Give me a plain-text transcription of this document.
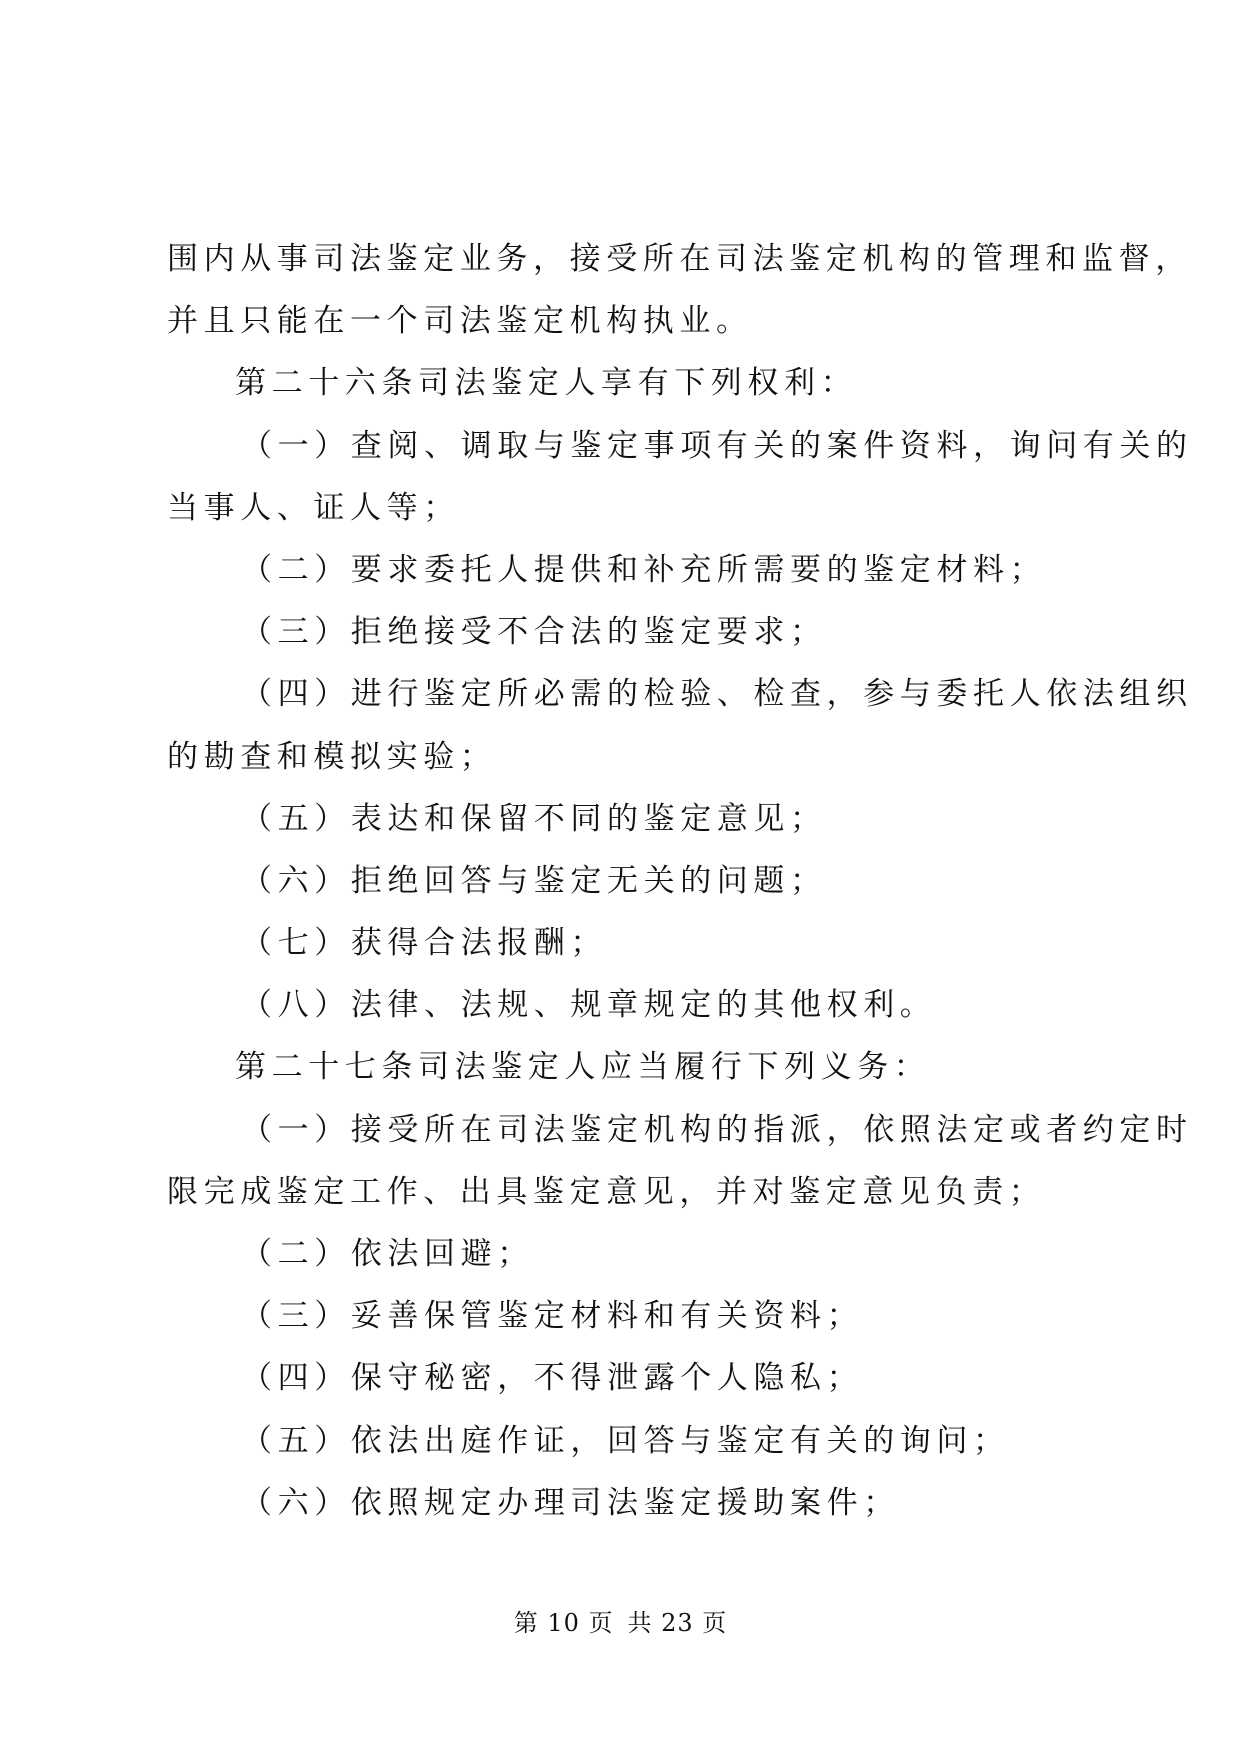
围内从事司法鉴定业务，接受所在司法鉴定机构的管理和监督，
并且只能在一个司法鉴定机构执业。
第二十六条司法鉴定人享有下列权利：
（一）查阅、调取与鉴定事项有关的案件资料，询问有关的
当事人、证人等；
（二）要求委托人提供和补充所需要的鉴定材料；
（三）拒绝接受不合法的鉴定要求；
（四）进行鉴定所必需的检验、检查，参与委托人依法组织
的勘查和模拟实验；
（五）表达和保留不同的鉴定意见；
（六）拒绝回答与鉴定无关的问题；
（七）获得合法报酬；
（八）法律、法规、规章规定的其他权利。
第二十七条司法鉴定人应当履行下列义务：
（一）接受所在司法鉴定机构的指派，依照法定或者约定时
限完成鉴定工作、出具鉴定意见，并对鉴定意见负责；
（二）依法回避；
（三）妥善保管鉴定材料和有关资料；
（四）保守秘密，不得泄露个人隐私；
（五）依法出庭作证，回答与鉴定有关的询问；
（六）依照规定办理司法鉴定援助案件；
第 10 页 共 23 页
